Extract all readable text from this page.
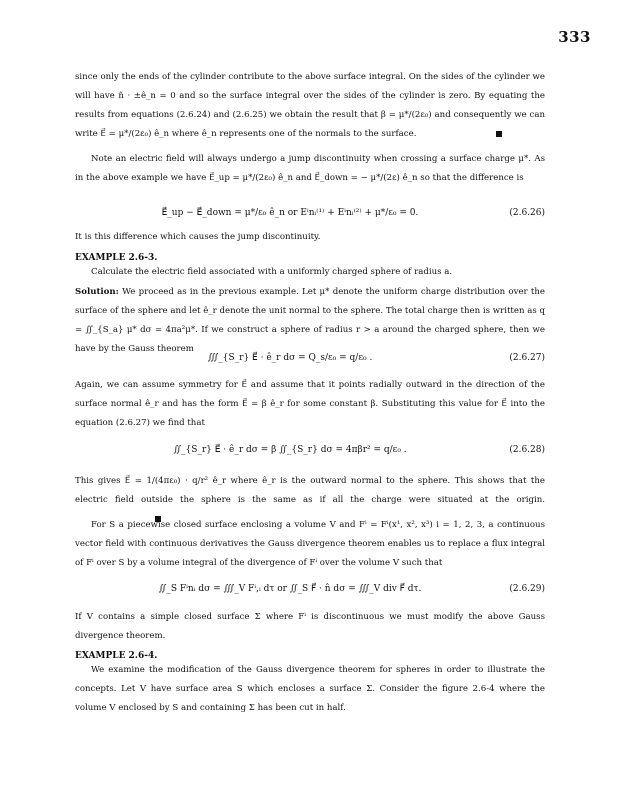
333
since only the ends of the cylinder contribute to the above surface integral. On the sides of the cylinder we will have n̂ · ±ê_n = 0 and so the surface integral over the sides of the cylinder is zero. By equating the results from equations (2.6.24) and (2.6.25) we obtain the result that β = μ*/(2ε₀) and consequently we can write E⃗ = μ*/(2ε₀) ê_n where ê_n represents one of the normals to the surface.
Note an electric field will always undergo a jump discontinuity when crossing a surface charge μ*. As in the above example we have E⃗_up = μ*/(2ε₀) ê_n and E⃗_down = − μ*/(2ε) ê_n so that the difference is
E⃗_up − E⃗_down = μ*/ε₀ ê_n or Eⁱnᵢ⁽¹⁾ + Eⁱnᵢ⁽²⁾ + μ*/ε₀ = 0.	(2.6.26)
It is this difference which causes the jump discontinuity.
EXAMPLE 2.6-3.
Calculate the electric field associated with a uniformly charged sphere of radius a.
Solution: We proceed as in the previous example. Let μ* denote the uniform charge distribution over the surface of the sphere and let ê_r denote the unit normal to the sphere. The total charge then is written as q = ∬_{S_a} μ* dσ = 4πa²μ*. If we construct a sphere of radius r > a around the charged sphere, then we have by the Gauss theorem
∭_{S_r} E⃗ · ê_r dσ = Q_s/ε₀ = q/ε₀ .	(2.6.27)
Again, we can assume symmetry for E⃗ and assume that it points radially outward in the direction of the surface normal ê_r and has the form E⃗ = β ê_r for some constant β. Substituting this value for E⃗ into the equation (2.6.27) we find that
∬_{S_r} E⃗ · ê_r dσ = β ∬_{S_r} dσ = 4πβr² = q/ε₀ .	(2.6.28)
This gives E⃗ = 1/(4πε₀) · q/r² ê_r where ê_r is the outward normal to the sphere. This shows that the electric field outside the sphere is the same as if all the charge were situated at the origin.
For S a piecewise closed surface enclosing a volume V and Fⁱ = Fⁱ(x¹, x², x³) i = 1, 2, 3, a continuous vector field with continuous derivatives the Gauss divergence theorem enables us to replace a flux integral of Fⁱ over S by a volume integral of the divergence of Fⁱ over the volume V such that
∬_S Fⁱnᵢ dσ = ∭_V Fⁱ,ᵢ dτ or ∬_S F⃗ · n̂ dσ = ∭_V div F⃗ dτ.	(2.6.29)
If V contains a simple closed surface Σ where Fⁱ is discontinuous we must modify the above Gauss divergence theorem.
EXAMPLE 2.6-4.
We examine the modification of the Gauss divergence theorem for spheres in order to illustrate the concepts. Let V have surface area S which encloses a surface Σ. Consider the figure 2.6-4 where the volume V enclosed by S and containing Σ has been cut in half.
